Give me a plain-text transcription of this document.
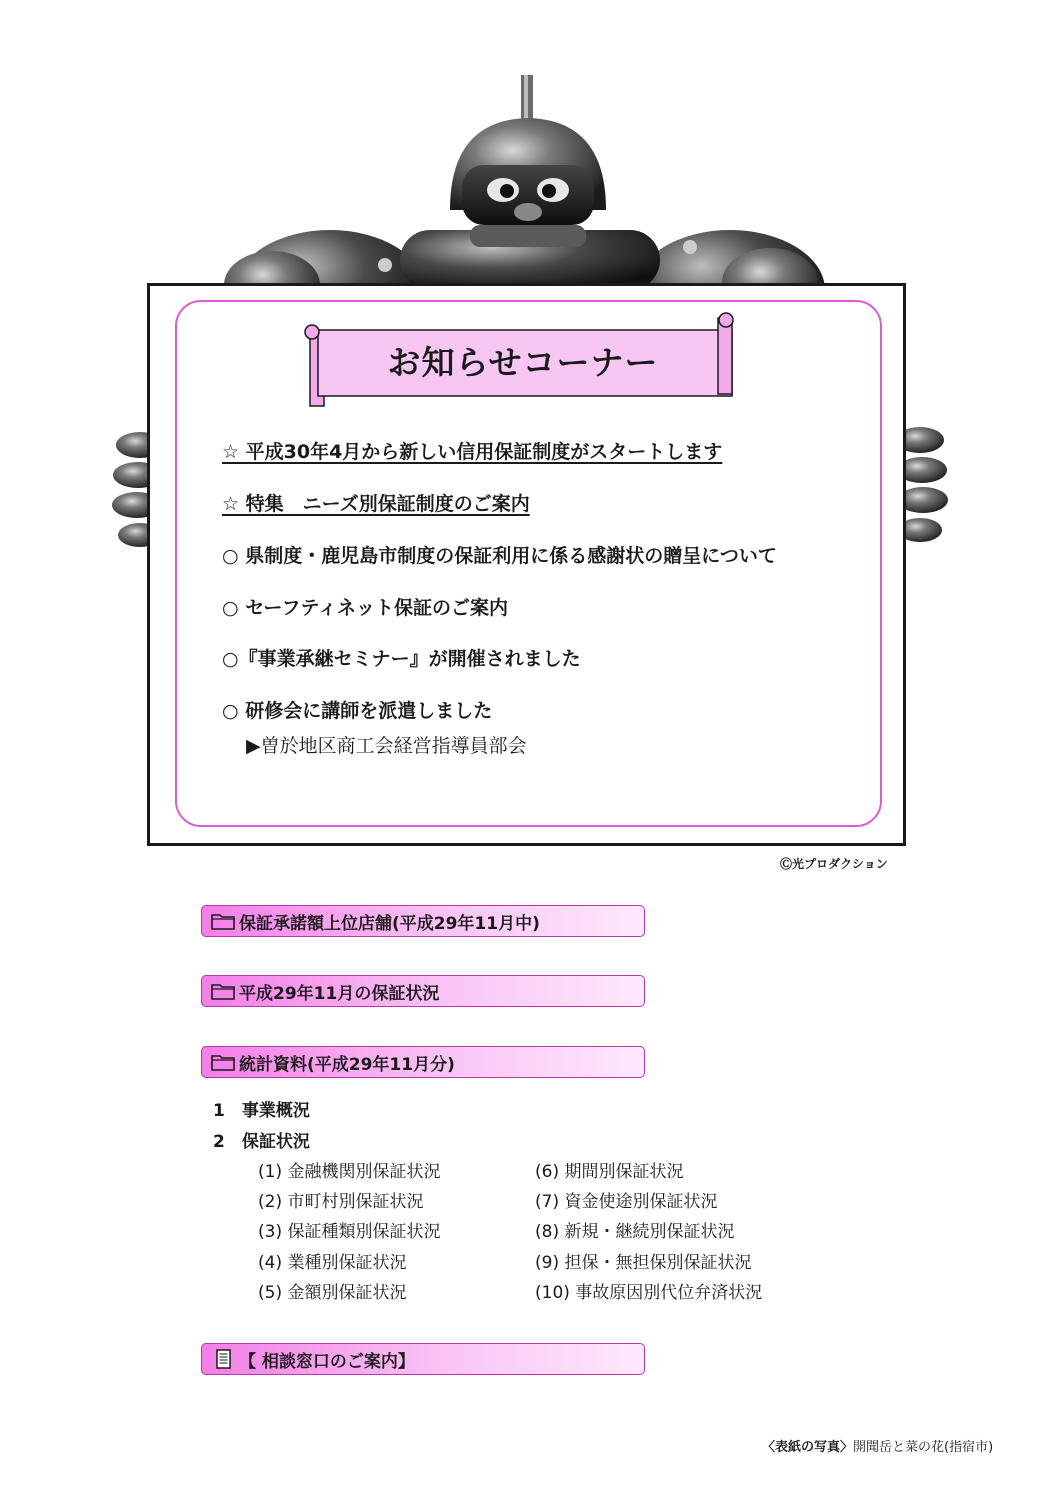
お知らせコーナー
☆ 平成30年4月から新しい信用保証制度がスタートします
☆ 特集　ニーズ別保証制度のご案内
○ 県制度・鹿児島市制度の保証利用に係る感謝状の贈呈について
○ セーフティネット保証のご案内
○『事業承継セミナー』が開催されました
○ 研修会に講師を派遣しました
▶曽於地区商工会経営指導員部会
Ⓒ光プロダクション
保証承諾額上位店舗(平成29年11月中)
平成29年11月の保証状況
統計資料(平成29年11月分)
1　事業概況
2　保証状況
(1) 金融機関別保証状況
(2) 市町村別保証状況
(3) 保証種類別保証状況
(4) 業種別保証状況
(5) 金額別保証状況
(6) 期間別保証状況
(7) 資金使途別保証状況
(8) 新規・継続別保証状況
(9) 担保・無担保別保証状況
(10) 事故原因別代位弁済状況
【 相談窓口のご案内】
〈表紙の写真〉開聞岳と菜の花(指宿市)
